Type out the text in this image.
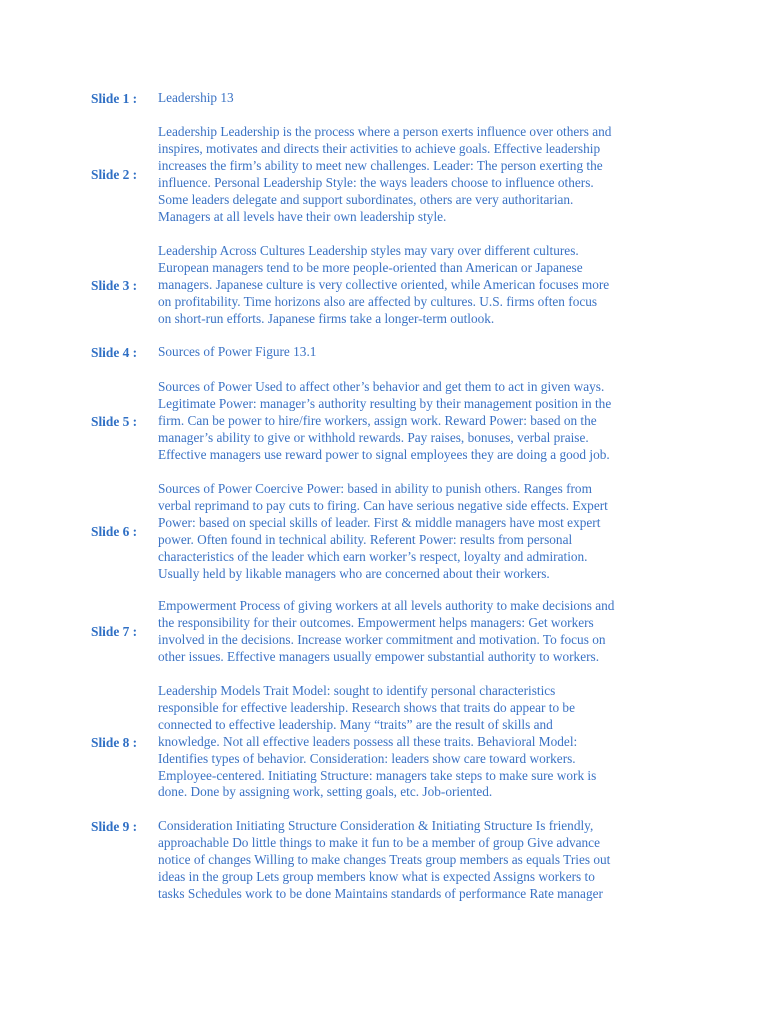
Slide 1 :	Leadership 13
Slide 2 :
Leadership Leadership is the process where a person exerts influence over others and
inspires, motivates and directs their activities to achieve goals. Effective leadership
increases the firm’s ability to meet new challenges. Leader: The person exerting the
influence. Personal Leadership Style: the ways leaders choose to influence others.
Some leaders delegate and support subordinates, others are very authoritarian.
Managers at all levels have their own leadership style.
Slide 3 :
Leadership Across Cultures Leadership styles may vary over different cultures.
European managers tend to be more people-oriented than American or Japanese
managers. Japanese culture is very collective oriented, while American focuses more
on profitability. Time horizons also are affected by cultures. U.S. firms often focus
on short-run efforts. Japanese firms take a longer-term outlook.
Slide 4 :	Sources of Power Figure 13.1
Slide 5 :
Sources of Power Used to affect other’s behavior and get them to act in given ways.
Legitimate Power: manager’s authority resulting by their management position in the
firm. Can be power to hire/fire workers, assign work. Reward Power: based on the
manager’s ability to give or withhold rewards. Pay raises, bonuses, verbal praise.
Effective managers use reward power to signal employees they are doing a good job.
Slide 6 :
Sources of Power Coercive Power: based in ability to punish others. Ranges from
verbal reprimand to pay cuts to firing. Can have serious negative side effects. Expert
Power: based on special skills of leader. First & middle managers have most expert
power. Often found in technical ability. Referent Power: results from personal
characteristics of the leader which earn worker’s respect, loyalty and admiration.
Usually held by likable managers who are concerned about their workers.
Slide 7 :
Empowerment Process of giving workers at all levels authority to make decisions and
the responsibility for their outcomes. Empowerment helps managers: Get workers
involved in the decisions. Increase worker commitment and motivation. To focus on
other issues. Effective managers usually empower substantial authority to workers.
Slide 8 :
Leadership Models Trait Model: sought to identify personal characteristics
responsible for effective leadership. Research shows that traits do appear to be
connected to effective leadership. Many “traits” are the result of skills and
knowledge. Not all effective leaders possess all these traits. Behavioral Model:
Identifies types of behavior. Consideration: leaders show care toward workers.
Employee-centered. Initiating Structure: managers take steps to make sure work is
done. Done by assigning work, setting goals, etc. Job-oriented.
Slide 9 :	Consideration Initiating Structure Consideration & Initiating Structure Is friendly,
approachable Do little things to make it fun to be a member of group Give advance
notice of changes Willing to make changes Treats group members as equals Tries out
ideas in the group Lets group members know what is expected Assigns workers to
tasks Schedules work to be done Maintains standards of performance Rate manager
